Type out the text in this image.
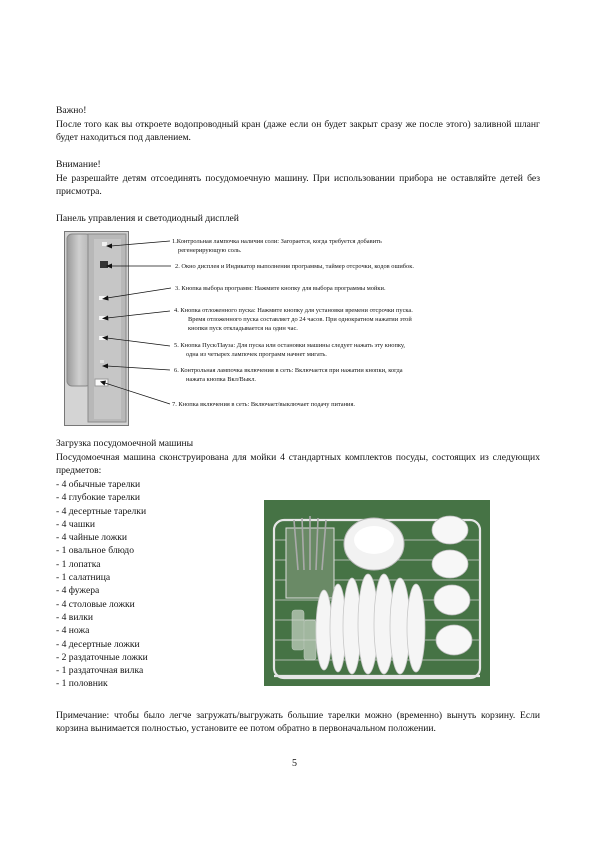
Важно!
После того как вы откроете водопроводный кран (даже если он будет закрыт сразу же после этого) заливной шланг будет находиться под давлением.
Внимание!
Не разрешайте детям отсоединять посудомоечную машину. При использовании прибора не оставляйте детей без присмотра.
Панель управления и светодиодный дисплей
1.Контрольная лампочка наличия соли: Загорается, когда требуется добавить
регенерирующую соль.
2. Окно дисплея и Индикатор выполнения программы, таймер отсрочки, кодов ошибок.
3. Кнопка выбора программ: Нажмите кнопку для выбора программы мойки.
4. Кнопка отложенного пуска: Нажмите кнопку для установки времени отсрочки пуска.
Время отложенного пуска составляет до 24 часов. При однократном нажатии этой
кнопки пуск откладывается на один час.
5. Кнопка Пуск/Пауза: Для пуска или остановки машины следует нажать эту кнопку,
одна из четырех лампочек программ начнет мигать.
6. Контрольная лампочка включения в сеть: Включается при нажатии кнопки, когда
нажата кнопка Вкл/Выкл.
7. Кнопка включения в сеть: Включает/выключает подачу питания.
Загрузка посудомоечной машины
Посудомоечная машина сконструирована для мойки 4 стандартных комплектов посуды, состоящих из следующих предметов:
- 4 обычные тарелки
- 4 глубокие тарелки
- 4 десертные тарелки
- 4 чашки
- 4 чайные ложки
- 1 овальное блюдо
- 1 лопатка
- 1 салатница
- 4 фужера
- 4 столовые ложки
- 4 вилки
- 4 ножа
- 4 десертные ложки
- 2 раздаточные ложки
- 1 раздаточная вилка
- 1 половник
Примечание: чтобы было легче загружать/выгружать большие тарелки можно (временно) вынуть корзину. Если корзина вынимается полностью, установите ее потом обратно в первоначальном положении.
5
